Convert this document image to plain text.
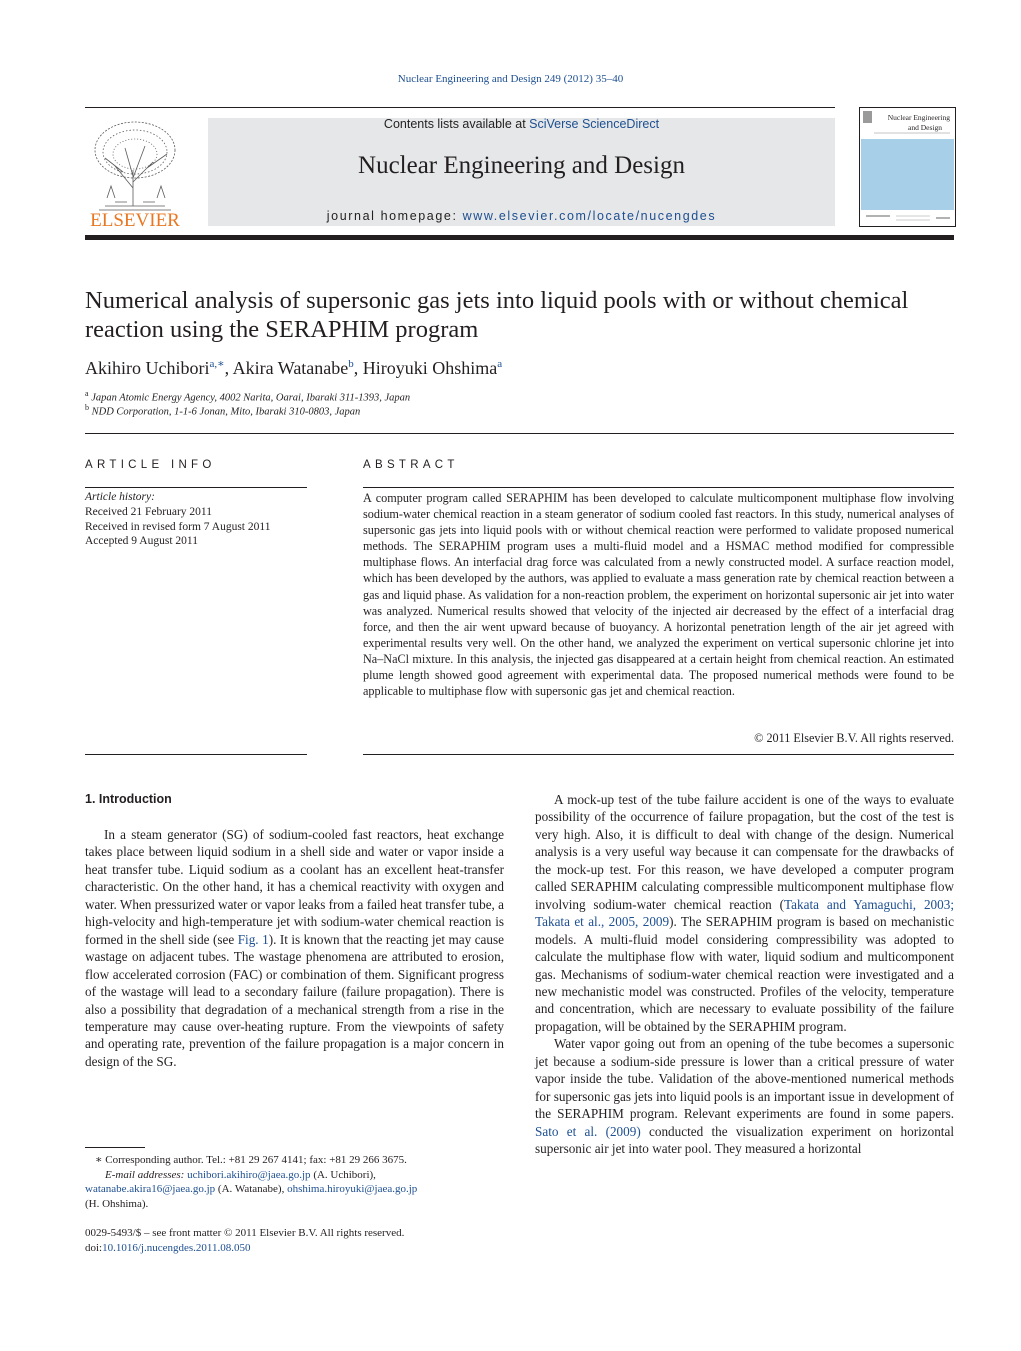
Nuclear Engineering and Design 249 (2012) 35–40
ELSEVIER
Contents lists available at SciVerse ScienceDirect
Nuclear Engineering and Design
journal homepage: www.elsevier.com/locate/nucengdes
Nuclear Engineering
and Design
Numerical analysis of supersonic gas jets into liquid pools with or without chemical reaction using the SERAPHIM program
Akihiro Uchibori$^{a,∗}$, Akira Watanabe$^b$, Hiroyuki Ohshima$^a$
$^a$ Japan Atomic Energy Agency, 4002 Narita, Oarai, Ibaraki 311-1393, Japan
$^b$ NDD Corporation, 1-1-6 Jonan, Mito, Ibaraki 310-0803, Japan
ARTICLE INFO
Article history:
Received 21 February 2011
Received in revised form 7 August 2011
Accepted 9 August 2011
ABSTRACT
A computer program called SERAPHIM has been developed to calculate multicomponent multiphase flow involving sodium-water chemical reaction in a steam generator of sodium cooled fast reactors. In this study, numerical analyses of supersonic gas jets into liquid pools with or without chemical reaction were performed to validate proposed numerical methods. The SERAPHIM program uses a multi-fluid model and a HSMAC method modified for compressible multiphase flows. An interfacial drag force was calculated from a newly constructed model. A surface reaction model, which has been developed by the authors, was applied to evaluate a mass generation rate by chemical reaction between a gas and liquid phase. As validation for a non-reaction problem, the experiment on horizontal supersonic air jet into water was analyzed. Numerical results showed that velocity of the injected air decreased by the effect of a interfacial drag force, and then the air went upward because of buoyancy. A horizontal penetration length of the air jet agreed with experimental results very well. On the other hand, we analyzed the experiment on vertical supersonic chlorine jet into Na–NaCl mixture. In this analysis, the injected gas disappeared at a certain height from chemical reaction. An estimated plume length showed good agreement with experimental data. The proposed numerical methods were found to be applicable to multiphase flow with supersonic gas jet and chemical reaction.
© 2011 Elsevier B.V. All rights reserved.
1. Introduction

In a steam generator (SG) of sodium-cooled fast reactors, heat exchange takes place between liquid sodium in a shell side and water or vapor inside a heat transfer tube. Liquid sodium as a coolant has an excellent heat-transfer characteristic. On the other hand, it has a chemical reactivity with oxygen and water. When pressurized water or vapor leaks from a failed heat transfer tube, a high-velocity and high-temperature jet with sodium-water chemical reaction is formed in the shell side (see Fig. 1). It is known that the reacting jet may cause wastage on adjacent tubes. The wastage phenomena are attributed to erosion, flow accelerated corrosion (FAC) or combination of them. Significant progress of the wastage will lead to a secondary failure (failure propagation). There is also a possibility that degradation of a mechanical strength from a rise in the temperature may cause over-heating rupture. From the viewpoints of safety and operating rate, prevention of the failure propagation is a major concern in design of the SG.

A mock-up test of the tube failure accident is one of the ways to evaluate possibility of the occurrence of failure propagation, but the cost of the test is very high. Also, it is difficult to deal with change of the design. Numerical analysis is a very useful way because it can compensate for the drawbacks of the mock-up test. For this reason, we have developed a computer program called SERAPHIM calculating compressible multicomponent multiphase flow involving sodium-water chemical reaction (Takata and Yamaguchi, 2003; Takata et al., 2005, 2009). The SERAPHIM program is based on mechanistic models. A multi-fluid model considering compressibility was adopted to calculate the multiphase flow with water, liquid sodium and multicomponent gas. Mechanisms of sodium-water chemical reaction were investigated and a new mechanistic model was constructed. Profiles of the velocity, temperature and concentration, which are necessary to evaluate possibility of the failure propagation, will be obtained by the SERAPHIM program.

Water vapor going out from an opening of the tube becomes a supersonic jet because a sodium-side pressure is lower than a critical pressure of water vapor inside the tube. Validation of the above-mentioned numerical methods for supersonic gas jets into liquid pools is an important issue in development of the SERAPHIM program. Relevant experiments are found in some papers. Sato et al. (2009) conducted the visualization experiment on horizontal supersonic air jet into water pool. They measured a horizontal

∗ Corresponding author. Tel.: +81 29 267 4141; fax: +81 29 266 3675.
E-mail addresses: uchibori.akihiro@jaea.go.jp (A. Uchibori),
watanabe.akira16@jaea.go.jp (A. Watanabe), ohshima.hiroyuki@jaea.go.jp
(H. Ohshima).
0029-5493/$ – see front matter © 2011 Elsevier B.V. All rights reserved.
doi:10.1016/j.nucengdes.2011.08.050
